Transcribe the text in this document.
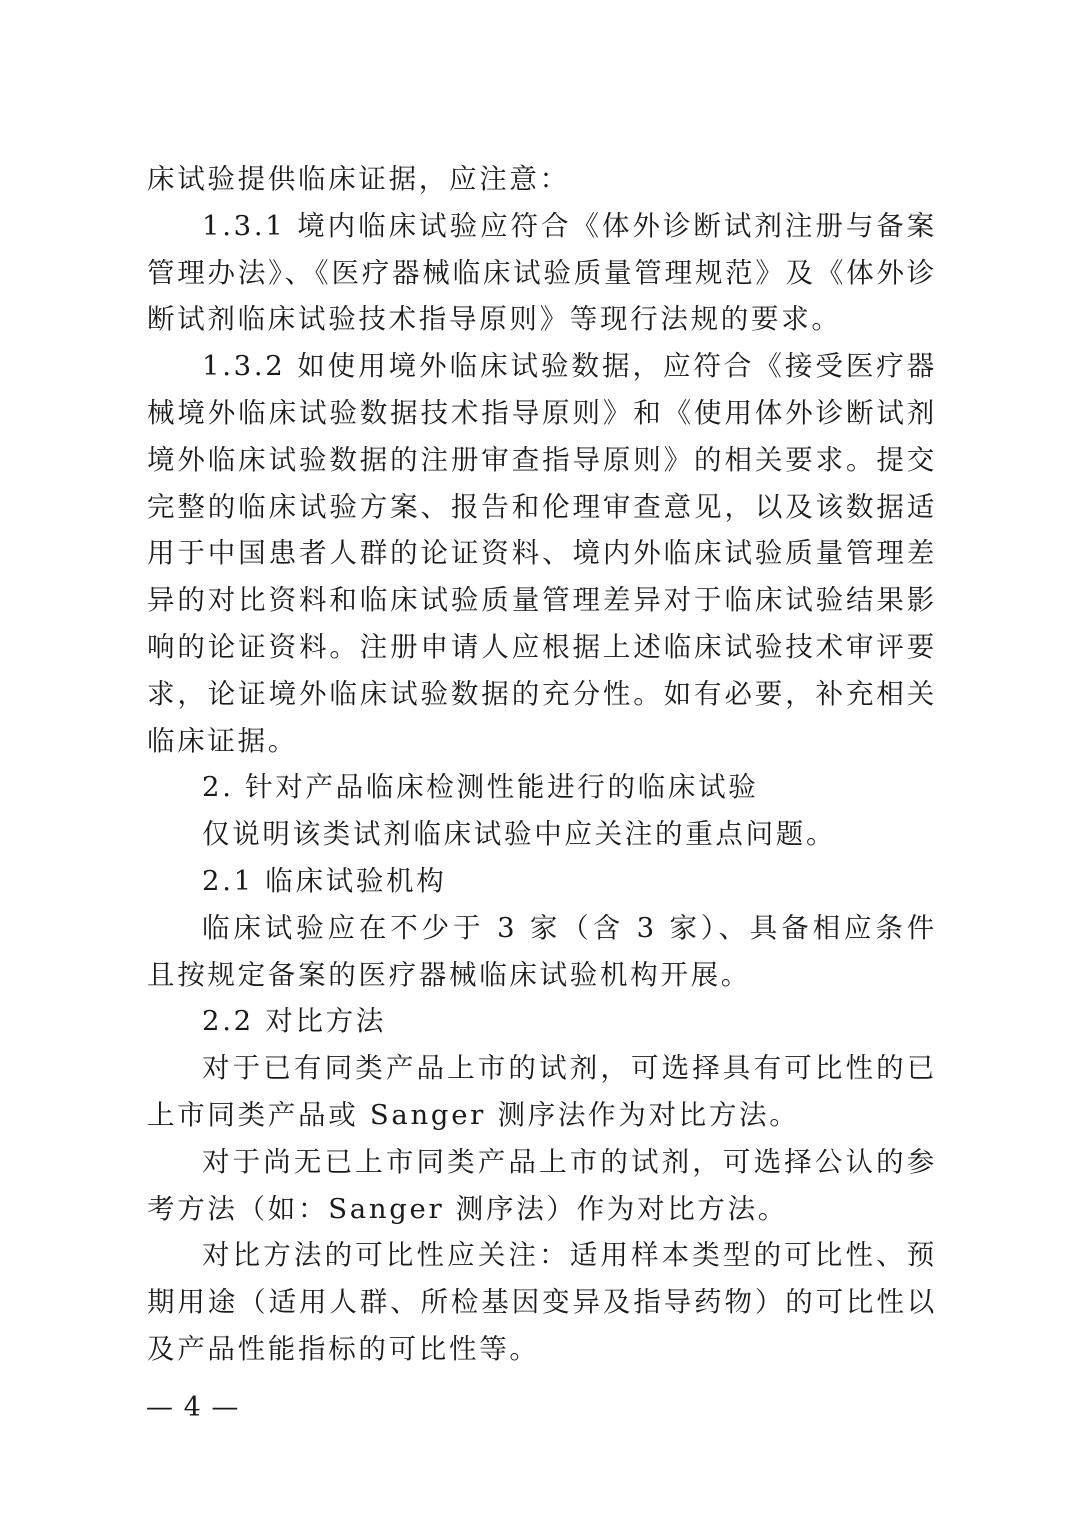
床试验提供临床证据，应注意：

1.3.1 境内临床试验应符合《体外诊断试剂注册与备案管理办法》、《医疗器械临床试验质量管理规范》及《体外诊断试剂临床试验技术指导原则》等现行法规的要求。

1.3.2 如使用境外临床试验数据，应符合《接受医疗器械境外临床试验数据技术指导原则》和《使用体外诊断试剂境外临床试验数据的注册审查指导原则》的相关要求。提交完整的临床试验方案、报告和伦理审查意见，以及该数据适用于中国患者人群的论证资料、境内外临床试验质量管理差异的对比资料和临床试验质量管理差异对于临床试验结果影响的论证资料。注册申请人应根据上述临床试验技术审评要求，论证境外临床试验数据的充分性。如有必要，补充相关临床证据。

2. 针对产品临床检测性能进行的临床试验

仅说明该类试剂临床试验中应关注的重点问题。

2.1 临床试验机构

临床试验应在不少于 3 家（含 3 家）、具备相应条件且按规定备案的医疗器械临床试验机构开展。

2.2 对比方法

对于已有同类产品上市的试剂，可选择具有可比性的已上市同类产品或 Sanger 测序法作为对比方法。

对于尚无已上市同类产品上市的试剂，可选择公认的参考方法（如：Sanger 测序法）作为对比方法。

对比方法的可比性应关注：适用样本类型的可比性、预期用途（适用人群、所检基因变异及指导药物）的可比性以及产品性能指标的可比性等。

— 4 —
